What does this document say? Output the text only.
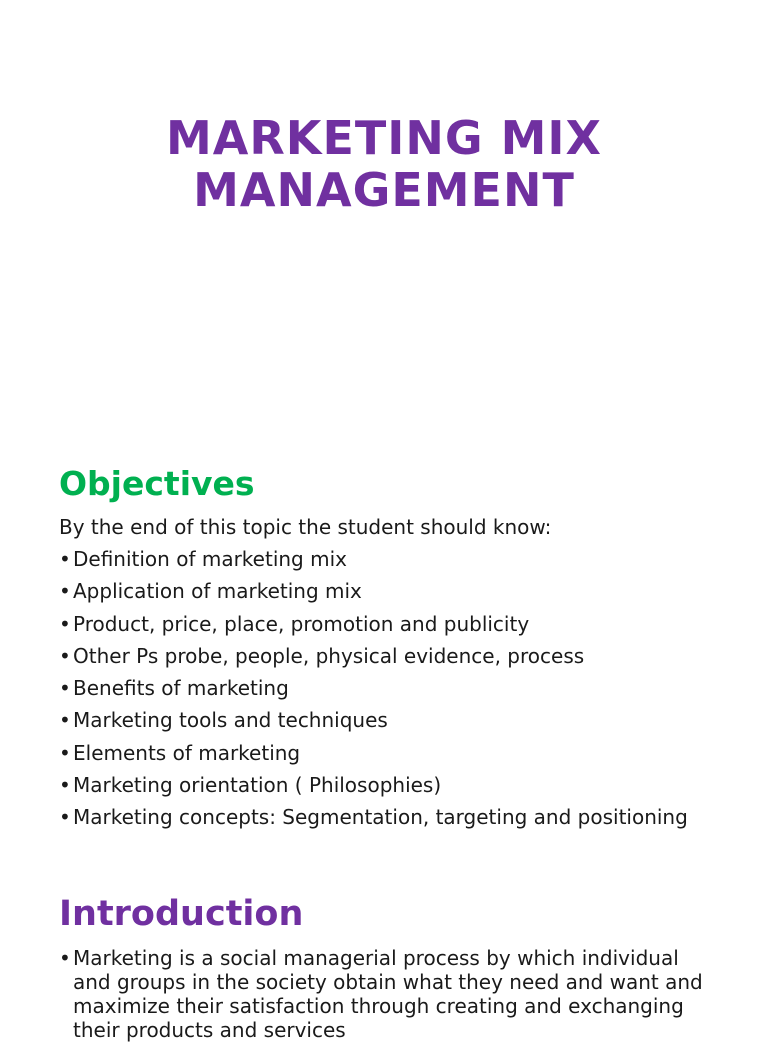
MARKETING MIX
MANAGEMENT
Objectives

By the end of this topic the student should know:

• Definition of marketing mix
• Application of marketing mix
• Product, price, place, promotion and publicity
• Other Ps probe, people, physical evidence, process
• Benefits of marketing
• Marketing tools and techniques
• Elements of marketing
• Marketing orientation ( Philosophies)
• Marketing concepts: Segmentation, targeting and positioning
Introduction
• Marketing is a social managerial process by which individual and groups in the society obtain what they need and want and maximize their satisfaction through creating and exchanging their products and services
